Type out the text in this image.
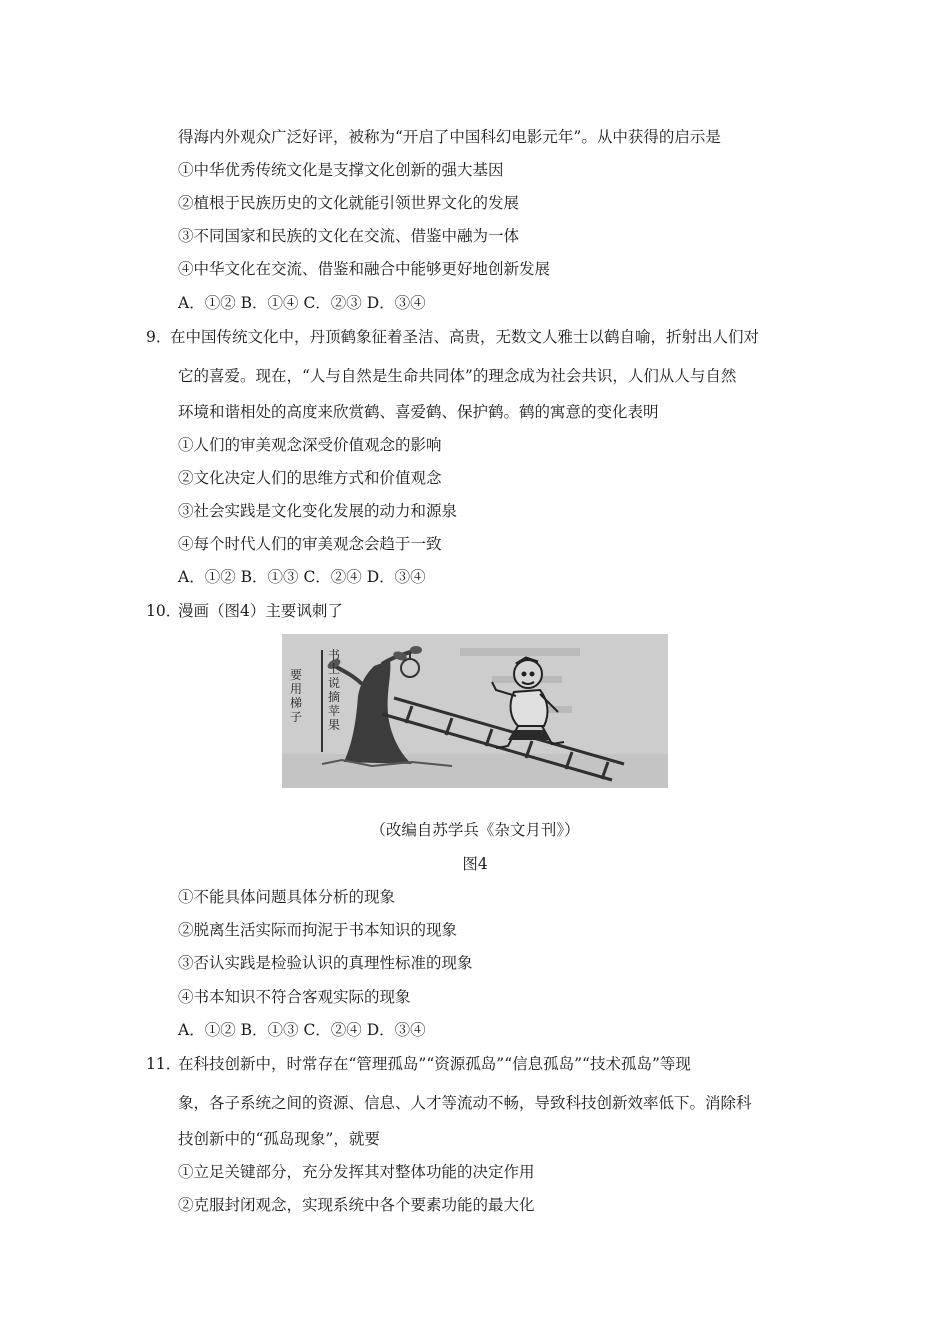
得海内外观众广泛好评，被称为“开启了中国科幻电影元年”。从中获得的启示是
①中华优秀传统文化是支撑文化创新的强大基因
②植根于民族历史的文化就能引领世界文化的发展
③不同国家和民族的文化在交流、借鉴中融为一体
④中华文化在交流、借鉴和融合中能够更好地创新发展
A．①② B．①④ C．②③ D．③④
9．
在中国传统文化中，丹顶鹤象征着圣洁、高贵，无数文人雅士以鹤自喻，折射出人们对
它的喜爱。现在，“人与自然是生命共同体”的理念成为社会共识，人们从人与自然
环境和谐相处的高度来欣赏鹤、喜爱鹤、保护鹤。鹤的寓意的变化表明
①人们的审美观念深受价值观念的影响
②文化决定人们的思维方式和价值观念
③社会实践是文化变化发展的动力和源泉
④每个时代人们的审美观念会趋于一致
A．①② B．①③ C．②④ D．③④
10．
漫画（图4）主要讽刺了
书上说摘苹果
要用梯子
（改编自苏学兵《杂文月刊》）
图4
①不能具体问题具体分析的现象
②脱离生活实际而拘泥于书本知识的现象
③否认实践是检验认识的真理性标准的现象
④书本知识不符合客观实际的现象
A．①② B．①③ C．②④ D．③④
11．
在科技创新中，时常存在“管理孤岛”“资源孤岛”“信息孤岛”“技术孤岛”等现
象，各子系统之间的资源、信息、人才等流动不畅，导致科技创新效率低下。消除科
技创新中的“孤岛现象”，就要
①立足关键部分，充分发挥其对整体功能的决定作用
②克服封闭观念，实现系统中各个要素功能的最大化
